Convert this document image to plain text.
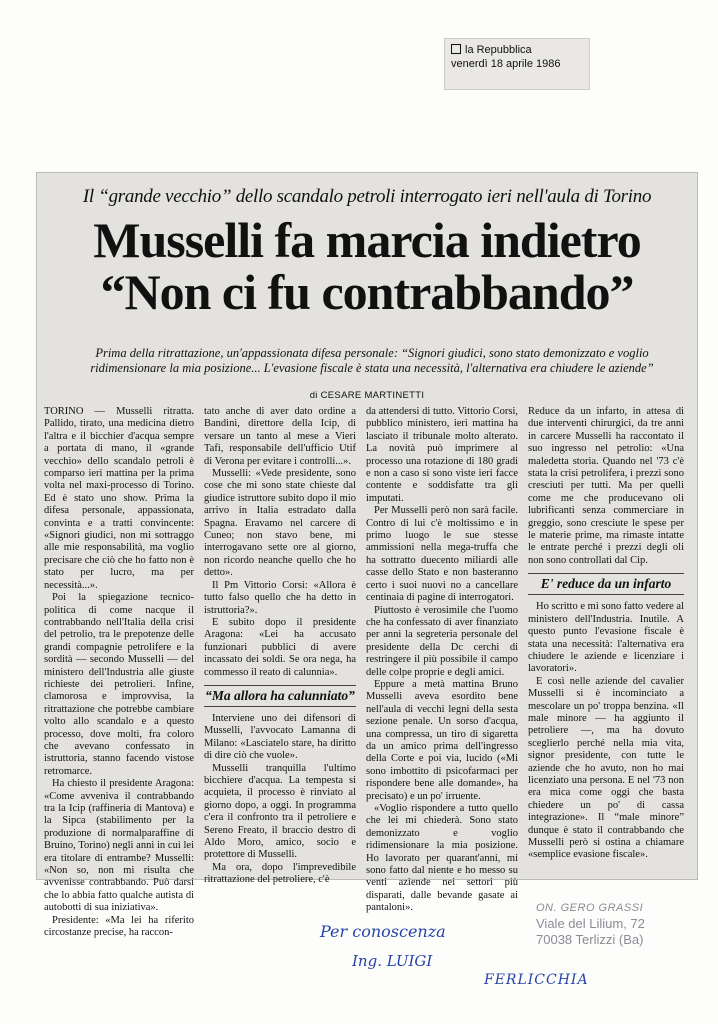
la Repubblica
venerdì 18 aprile 1986
Il “grande vecchio” dello scandalo petroli interrogato ieri nell'aula di Torino
Musselli fa marcia indietro
“Non ci fu contrabbando”
Prima della ritrattazione, un'appassionata difesa personale: “Signori giudici, sono stato demonizzato e voglio ridimensionare la mia posizione... L'evasione fiscale è stata una necessità, l'alternativa era chiudere le aziende”
di CESARE MARTINETTI

TORINO — Musselli ritratta. Pallido, tirato, una medicina dietro l'altra e il bicchier d'acqua sempre a portata di mano, il «grande vecchio» dello scandalo petroli è comparso ieri mattina per la prima volta nel maxi-processo di Torino. Ed è stato uno show. Prima la difesa personale, appassionata, convinta e a tratti convincente: «Signori giudici, non mi sottraggo alle mie responsabilità, ma voglio precisare che ciò che ho fatto non è stato per lucro, ma per necessità...».

Poi la spiegazione tecnico-politica di come nacque il contrabbando nell'Italia della crisi del petrolio, tra le prepotenze delle grandi compagnie petrolifere e la sordità — secondo Musselli — del ministero dell'Industria alle giuste richieste dei petrolieri. Infine, clamorosa e improvvisa, la ritrattazione che potrebbe cambiare volto allo scandalo e a questo processo, dove molti, fra coloro che avevano confessato in istruttoria, stanno facendo vistose retromarce.

Ha chiesto il presidente Aragona: «Come avveniva il contrabbando tra la Icip (raffineria di Mantova) e la Sipca (stabilimento per la produzione di normalparaffine di Bruino, Torino) negli anni in cui lei era titolare di entrambe? Musselli: «Non so, non mi risulta che avvenisse contrabbando. Può darsi che lo abbia fatto qualche autista di autobotti di sua iniziativa».

Presidente: «Ma lei ha riferito circostanze precise, ha raccon-

tato anche di aver dato ordine a Bandini, direttore della Icip, di versare un tanto al mese a Vieri Tafi, responsabile dell'ufficio Utif di Verona per evitare i controlli...».

Musselli: «Vede presidente, sono cose che mi sono state chieste dal giudice istruttore subito dopo il mio arrivo in Italia estradato dalla Spagna. Eravamo nel carcere di Cuneo; non stavo bene, mi interrogavano sette ore al giorno, non ricordo neanche quello che ho detto».

Il Pm Vittorio Corsi: «Allora è tutto falso quello che ha detto in istruttoria?».

E subito dopo il presidente Aragona: «Lei ha accusato funzionari pubblici di avere incassato dei soldi. Se ora nega, ha commesso il reato di calunnia».

“Ma allora ha calunniato”

Interviene uno dei difensori di Musselli, l'avvocato Lamanna di Milano: «Lasciatelo stare, ha diritto di dire ciò che vuole».

Musselli tranquilla l'ultimo bicchiere d'acqua. La tempesta si acquieta, il processo è rinviato al giorno dopo, a oggi. In programma c'era il confronto tra il petroliere e Sereno Freato, il braccio destro di Aldo Moro, amico, socio e protettore di Musselli.

Ma ora, dopo l'imprevedibile ritrattazione del petroliere, c'è

da attendersi di tutto. Vittorio Corsi, pubblico ministero, ieri mattina ha lasciato il tribunale molto alterato. La novità può imprimere al processo una rotazione di 180 gradi e non a caso si sono viste ieri facce contente e soddisfatte tra gli imputati.

Per Musselli però non sarà facile. Contro di lui c'è moltissimo e in primo luogo le sue stesse ammissioni nella mega-truffa che ha sottratto duecento miliardi alle casse dello Stato e non basteranno certo i suoi nuovi no a cancellare centinaia di pagine di interrogatori.

Piuttosto è verosimile che l'uomo che ha confessato di aver finanziato per anni la segreteria personale del presidente della Dc cerchi di restringere il più possibile il campo delle colpe proprie e degli amici.

Eppure a metà mattina Bruno Musselli aveva esordito bene nell'aula di vecchi legni della sesta sezione penale. Un sorso d'acqua, una compressa, un tiro di sigaretta da un amico prima dell'ingresso della Corte e poi via, lucido («Mi sono imbottito di psicofarmaci per rispondere bene alle domande», ha precisato) e un po' irruente.

«Voglio rispondere a tutto quello che lei mi chiederà. Sono stato demonizzato e voglio ridimensionare la mia posizione. Ho lavorato per quarant'anni, mi sono fatto dal niente e ho messo su venti aziende nei settori più disparati, dalle bevande gasate ai pantaloni».

Reduce da un infarto, in attesa di due interventi chirurgici, da tre anni in carcere Musselli ha raccontato il suo ingresso nel petrolio: «Una maledetta storia. Quando nel '73 c'è stata la crisi petrolifera, i prezzi sono cresciuti per tutti. Ma per quelli come me che producevano oli lubrificanti senza commerciare in greggio, sono cresciute le spese per le materie prime, ma rimaste intatte le entrate perché i prezzi degli oli non sono controllati dal Cip.

E' reduce da un infarto

Ho scritto e mi sono fatto vedere al ministero dell'Industria. Inutile. A questo punto l'evasione fiscale è stata una necessità: l'alternativa era chiudere le aziende e licenziare i lavoratori».

E così nelle aziende del cavalier Musselli si è incominciato a mescolare un po' troppa benzina. «Il male minore — ha aggiunto il petroliere —, ma ha dovuto sceglierlo perché nella mia vita, signor presidente, con tutte le aziende che ho avuto, non ho mai licenziato una persona. E nel '73 non era mica come oggi che basta chiedere un po' di cassa integrazione». Il “male minore” dunque è stato il contrabbando che Musselli però si ostina a chiamare «semplice evasione fiscale».

ON. GERO GRASSI
Viale del Lilium, 72
70038 Terlizzi (Ba)
Per conoscenza
Ing. LUIGI
FERLICCHIA
